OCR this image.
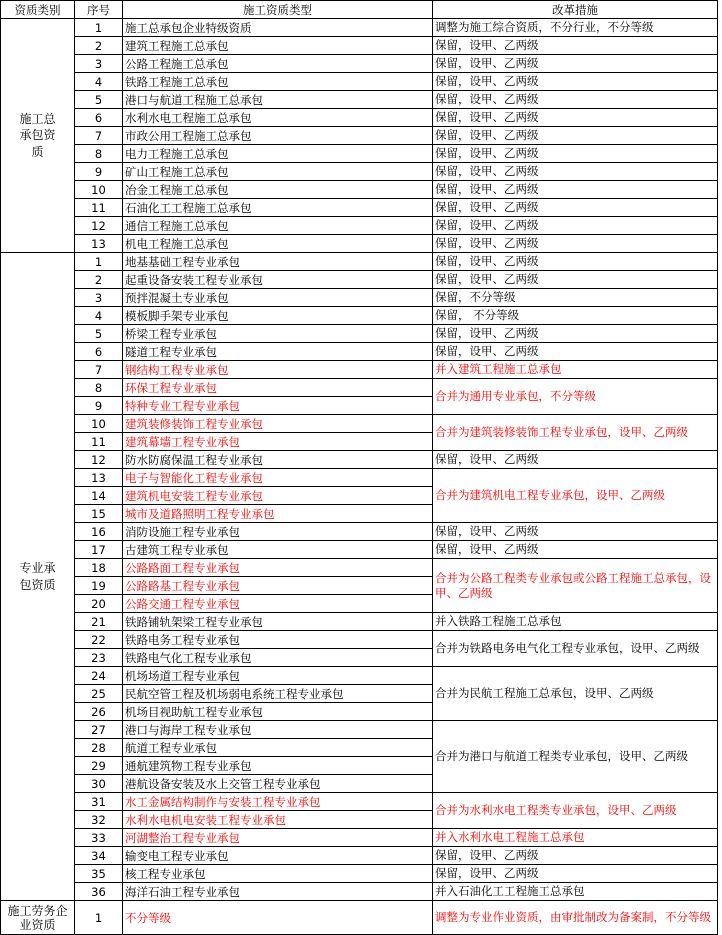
资质类别	序号	施工资质类型	改革措施
施工总承包资质	1	施工总承包企业特级资质	调整为施工综合资质，不分行业，不分等级
	2	建筑工程施工总承包	保留，设甲、乙两级
	3	公路工程施工总承包	保留，设甲、乙两级
	4	铁路工程施工总承包	保留，设甲、乙两级
	5	港口与航道工程施工总承包	保留，设甲、乙两级
	6	水利水电工程施工总承包	保留，设甲、乙两级
	7	市政公用工程施工总承包	保留，设甲、乙两级
	8	电力工程施工总承包	保留，设甲、乙两级
	9	矿山工程施工总承包	保留，设甲、乙两级
	10	冶金工程施工总承包	保留，设甲、乙两级
	11	石油化工工程施工总承包	保留，设甲、乙两级
	12	通信工程施工总承包	保留，设甲、乙两级
	13	机电工程施工总承包	保留，设甲、乙两级
专业承包资质	1	地基基础工程专业承包	保留，设甲、乙两级
	2	起重设备安装工程专业承包	保留，设甲、乙两级
	3	预拌混凝土专业承包	保留，不分等级
	4	模板脚手架专业承包	保留， 不分等级
	5	桥梁工程专业承包	保留，设甲、乙两级
	6	隧道工程专业承包	保留，设甲、乙两级
	7	钢结构工程专业承包	并入建筑工程施工总承包
	8	环保工程专业承包	合并为通用专业承包，不分等级
	9	特种专业工程专业承包	
	10	建筑装修装饰工程专业承包	合并为建筑装修装饰工程专业承包，设甲、乙两级
	11	建筑幕墙工程专业承包	
	12	防水防腐保温工程专业承包	保留，设甲、乙两级
	13	电子与智能化工程专业承包	合并为建筑机电工程专业承包，设甲、乙两级
	14	建筑机电安装工程专业承包	
	15	城市及道路照明工程专业承包	
	16	消防设施工程专业承包	保留，设甲、乙两级
	17	古建筑工程专业承包	保留，设甲、乙两级
	18	公路路面工程专业承包	合并为公路工程类专业承包或公路工程施工总承包，设甲、乙两级
	19	公路路基工程专业承包	
	20	公路交通工程专业承包	
	21	铁路铺轨架梁工程专业承包	并入铁路工程施工总承包
	22	铁路电务工程专业承包	合并为铁路电务电气化工程专业承包，设甲、乙两级
	23	铁路电气化工程专业承包	
	24	机场场道工程专业承包	合并为民航工程施工总承包，设甲、乙两级
	25	民航空管工程及机场弱电系统工程专业承包	
	26	机场目视助航工程专业承包	
	27	港口与海岸工程专业承包	合并为港口与航道工程类专业承包，设甲、乙两级
	28	航道工程专业承包	
	29	通航建筑物工程专业承包	
	30	港航设备安装及水上交管工程专业承包	
	31	水工金属结构制作与安装工程专业承包	合并为水利水电工程类专业承包，设甲、乙两级
	32	水利水电机电安装工程专业承包	
	33	河湖整治工程专业承包	并入水利水电工程施工总承包
	34	输变电工程专业承包	保留，设甲、乙两级
	35	核工程专业承包	保留，设甲、乙两级
	36	海洋石油工程专业承包	并入石油化工工程施工总承包
施工劳务企业资质	1	不分等级	调整为专业作业资质，由审批制改为备案制，不分等级
